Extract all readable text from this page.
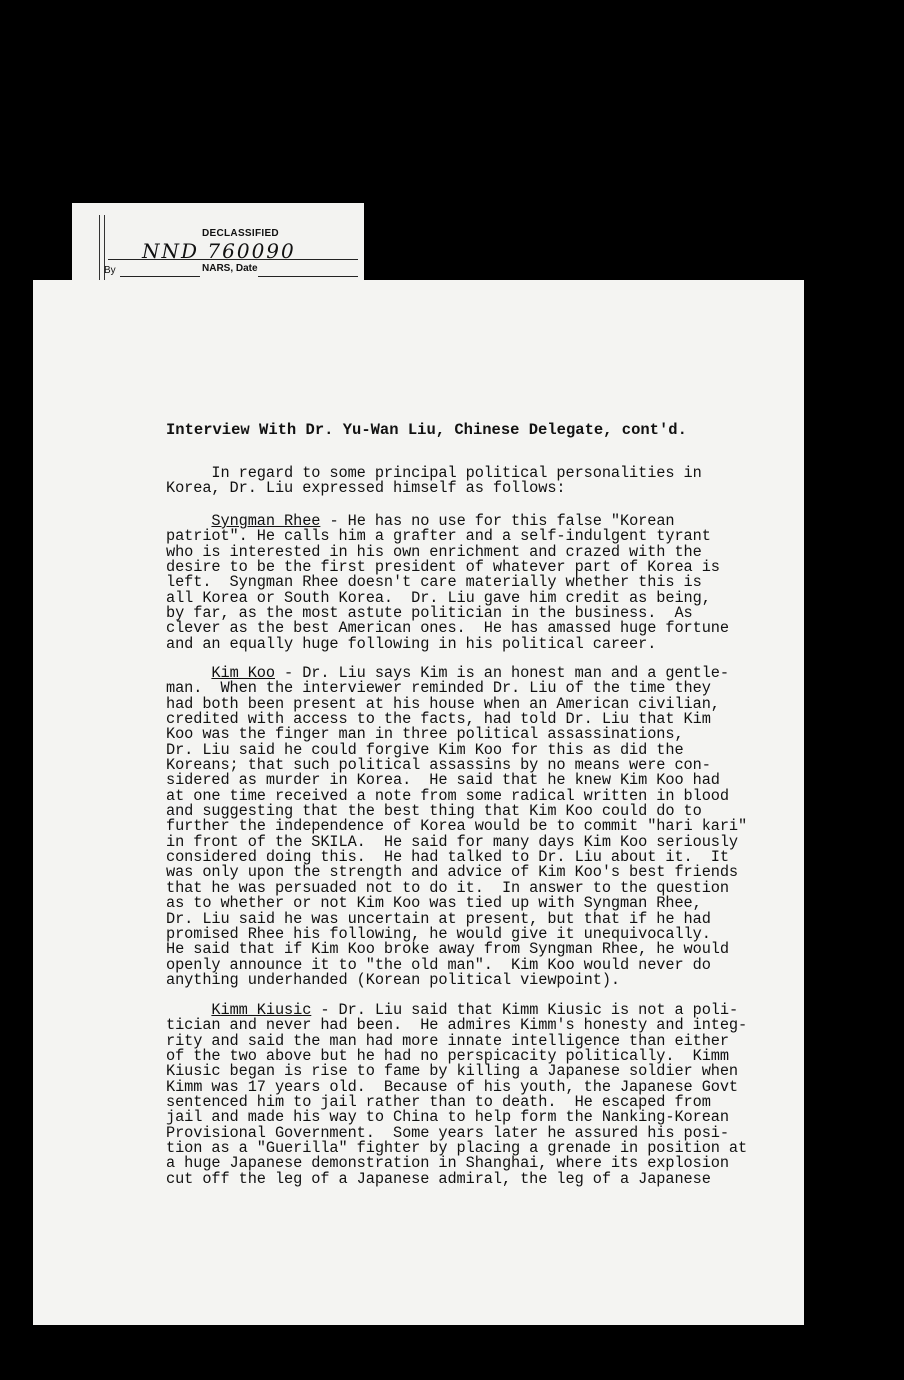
DECLASSIFIED
NND 760090
By	NARS, Date
Interview With Dr. Yu-Wan Liu, Chinese Delegate, cont'd.

In regard to some principal political personalities in
Korea, Dr. Liu expressed himself as follows:

Syngman Rhee - He has no use for this false "Korean
patriot". He calls him a grafter and a self-indulgent tyrant
who is interested in his own enrichment and crazed with the
desire to be the first president of whatever part of Korea is
left.  Syngman Rhee doesn't care materially whether this is
all Korea or South Korea.  Dr. Liu gave him credit as being,
by far, as the most astute politician in the business.  As
clever as the best American ones.  He has amassed huge fortune
and an equally huge following in his political career.

Kim Koo - Dr. Liu says Kim is an honest man and a gentle-
man.  When the interviewer reminded Dr. Liu of the time they
had both been present at his house when an American civilian,
credited with access to the facts, had told Dr. Liu that Kim
Koo was the finger man in three political assassinations,
Dr. Liu said he could forgive Kim Koo for this as did the
Koreans; that such political assassins by no means were con-
sidered as murder in Korea.  He said that he knew Kim Koo had
at one time received a note from some radical written in blood
and suggesting that the best thing that Kim Koo could do to
further the independence of Korea would be to commit "hari kari"
in front of the SKILA.  He said for many days Kim Koo seriously
considered doing this.  He had talked to Dr. Liu about it.  It
was only upon the strength and advice of Kim Koo's best friends
that he was persuaded not to do it.  In answer to the question
as to whether or not Kim Koo was tied up with Syngman Rhee,
Dr. Liu said he was uncertain at present, but that if he had
promised Rhee his following, he would give it unequivocally.
He said that if Kim Koo broke away from Syngman Rhee, he would
openly announce it to "the old man".  Kim Koo would never do
anything underhanded (Korean political viewpoint).

Kimm Kiusic - Dr. Liu said that Kimm Kiusic is not a poli-
tician and never had been.  He admires Kimm's honesty and integ-
rity and said the man had more innate intelligence than either
of the two above but he had no perspicacity politically.  Kimm
Kiusic began is rise to fame by killing a Japanese soldier when
Kimm was 17 years old.  Because of his youth, the Japanese Govt
sentenced him to jail rather than to death.  He escaped from
jail and made his way to China to help form the Nanking-Korean
Provisional Government.  Some years later he assured his posi-
tion as a "Guerilla" fighter by placing a grenade in position at
a huge Japanese demonstration in Shanghai, where its explosion
cut off the leg of a Japanese admiral, the leg of a Japanese
